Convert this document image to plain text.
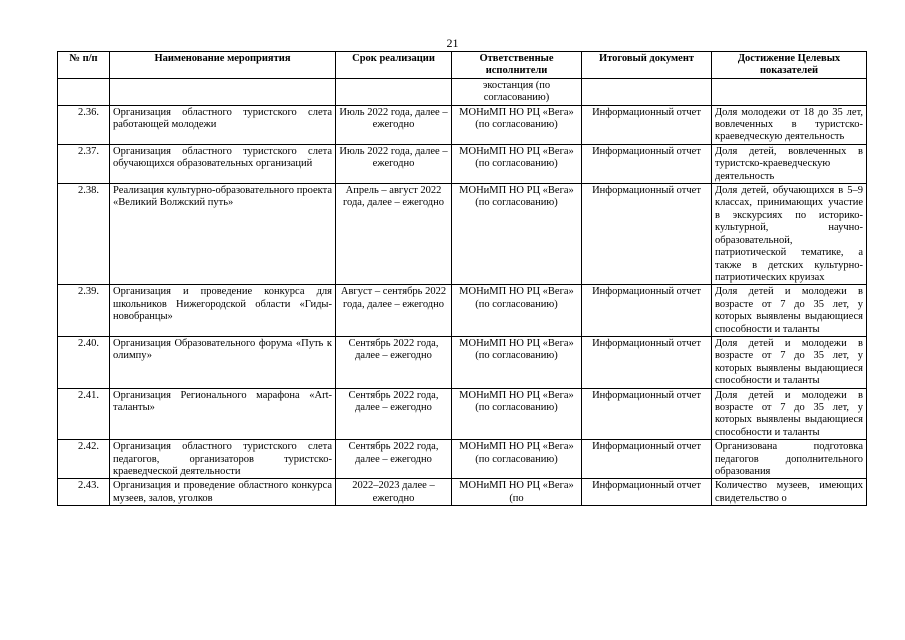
21
№ п/п	Наименование мероприятия	Срок реализации	Ответственные исполнители	Итоговый документ	Достижение Целевых показателей
			экостанция (по согласованию)		
2.36.	Организация областного туристского слета работающей молодежи	Июль 2022 года, далее – ежегодно	МОНиМП НО РЦ «Вега» (по согласованию)	Информационный отчет	Доля молодежи от 18 до 35 лет, вовлеченных в туристско-краеведческую деятельность
2.37.	Организация областного туристского слета обучающихся образовательных организаций	Июль 2022 года, далее – ежегодно	МОНиМП НО РЦ «Вега» (по согласованию)	Информационный отчет	Доля детей, вовлеченных в туристско-краеведческую деятельность
2.38.	Реализация культурно-образовательного проекта «Великий Волжский путь»	Апрель – август 2022 года, далее – ежегодно	МОНиМП НО РЦ «Вега» (по согласованию)	Информационный отчет	Доля детей, обучающихся в 5–9 классах, принимающих участие в экскурсиях по историко-культурной, научно-образовательной, патриотической тематике, а также в детских культурно-патриотических круизах
2.39.	Организация и проведение конкурса для школьников Нижегородской области «Гиды-новобранцы»	Август – сентябрь 2022 года, далее – ежегодно	МОНиМП НО РЦ «Вега» (по согласованию)	Информационный отчет	Доля детей и молодежи в возрасте от 7 до 35 лет, у которых выявлены выдающиеся способности и таланты
2.40.	Организация Образовательного форума «Путь к олимпу»	Сентябрь 2022 года, далее – ежегодно	МОНиМП НО РЦ «Вега» (по согласованию)	Информационный отчет	Доля детей и молодежи в возрасте от 7 до 35 лет, у которых выявлены выдающиеся способности и таланты
2.41.	Организация Регионального марафона «Art-таланты»	Сентябрь 2022 года, далее – ежегодно	МОНиМП НО РЦ «Вега» (по согласованию)	Информационный отчет	Доля детей и молодежи в возрасте от 7 до 35 лет, у которых выявлены выдающиеся способности и таланты
2.42.	Организация областного туристского слета педагогов, организаторов туристско-краеведческой деятельности	Сентябрь 2022 года, далее – ежегодно	МОНиМП НО РЦ «Вега» (по согласованию)	Информационный отчет	Организована подготовка педагогов дополнительного образования
2.43.	Организация и проведение областного конкурса музеев, залов, уголков	2022–2023 далее – ежегодно	МОНиМП НО РЦ «Вега» (по	Информационный отчет	Количество музеев, имеющих свидетельство о
